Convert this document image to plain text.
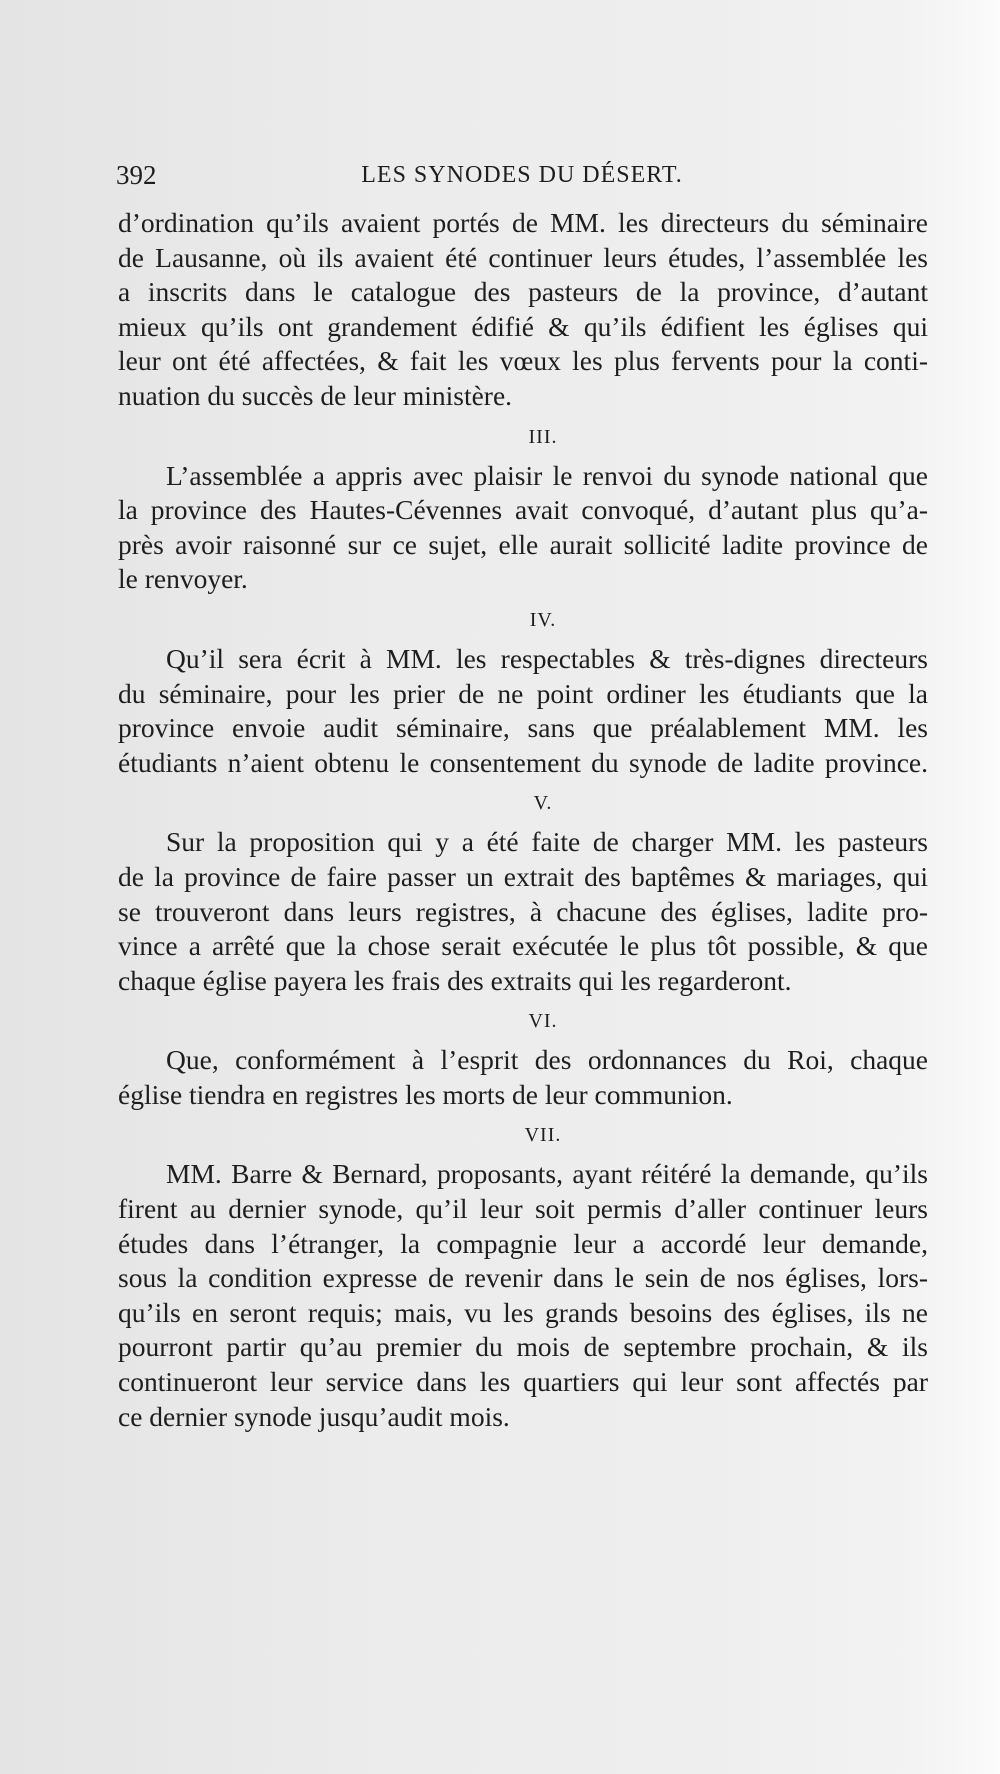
392	LES SYNODES DU DÉSERT.
d’ordination qu’ils avaient portés de MM. les directeurs du séminaire
de Lausanne, où ils avaient été continuer leurs études, l’assemblée les
a inscrits dans le catalogue des pasteurs de la province, d’autant
mieux qu’ils ont grandement édifié & qu’ils édifient les églises qui
leur ont été affectées, & fait les vœux les plus fervents pour la conti-
nuation du succès de leur ministère.
III.
L’assemblée a appris avec plaisir le renvoi du synode national que
la province des Hautes-Cévennes avait convoqué, d’autant plus qu’a-
près avoir raisonné sur ce sujet, elle aurait sollicité ladite province de
le renvoyer.
IV.
Qu’il sera écrit à MM. les respectables & très-dignes directeurs
du séminaire, pour les prier de ne point ordiner les étudiants que la
province envoie audit séminaire, sans que préalablement MM. les
étudiants n’aient obtenu le consentement du synode de ladite province.
V.
Sur la proposition qui y a été faite de charger MM. les pasteurs
de la province de faire passer un extrait des baptêmes & mariages, qui
se trouveront dans leurs registres, à chacune des églises, ladite pro-
vince a arrêté que la chose serait exécutée le plus tôt possible, & que
chaque église payera les frais des extraits qui les regarderont.
VI.
Que, conformément à l’esprit des ordonnances du Roi, chaque
église tiendra en registres les morts de leur communion.
VII.
MM. Barre & Bernard, proposants, ayant réitéré la demande, qu’ils
firent au dernier synode, qu’il leur soit permis d’aller continuer leurs
études dans l’étranger, la compagnie leur a accordé leur demande,
sous la condition expresse de revenir dans le sein de nos églises, lors-
qu’ils en seront requis; mais, vu les grands besoins des églises, ils ne
pourront partir qu’au premier du mois de septembre prochain, & ils
continueront leur service dans les quartiers qui leur sont affectés par
ce dernier synode jusqu’audit mois.
